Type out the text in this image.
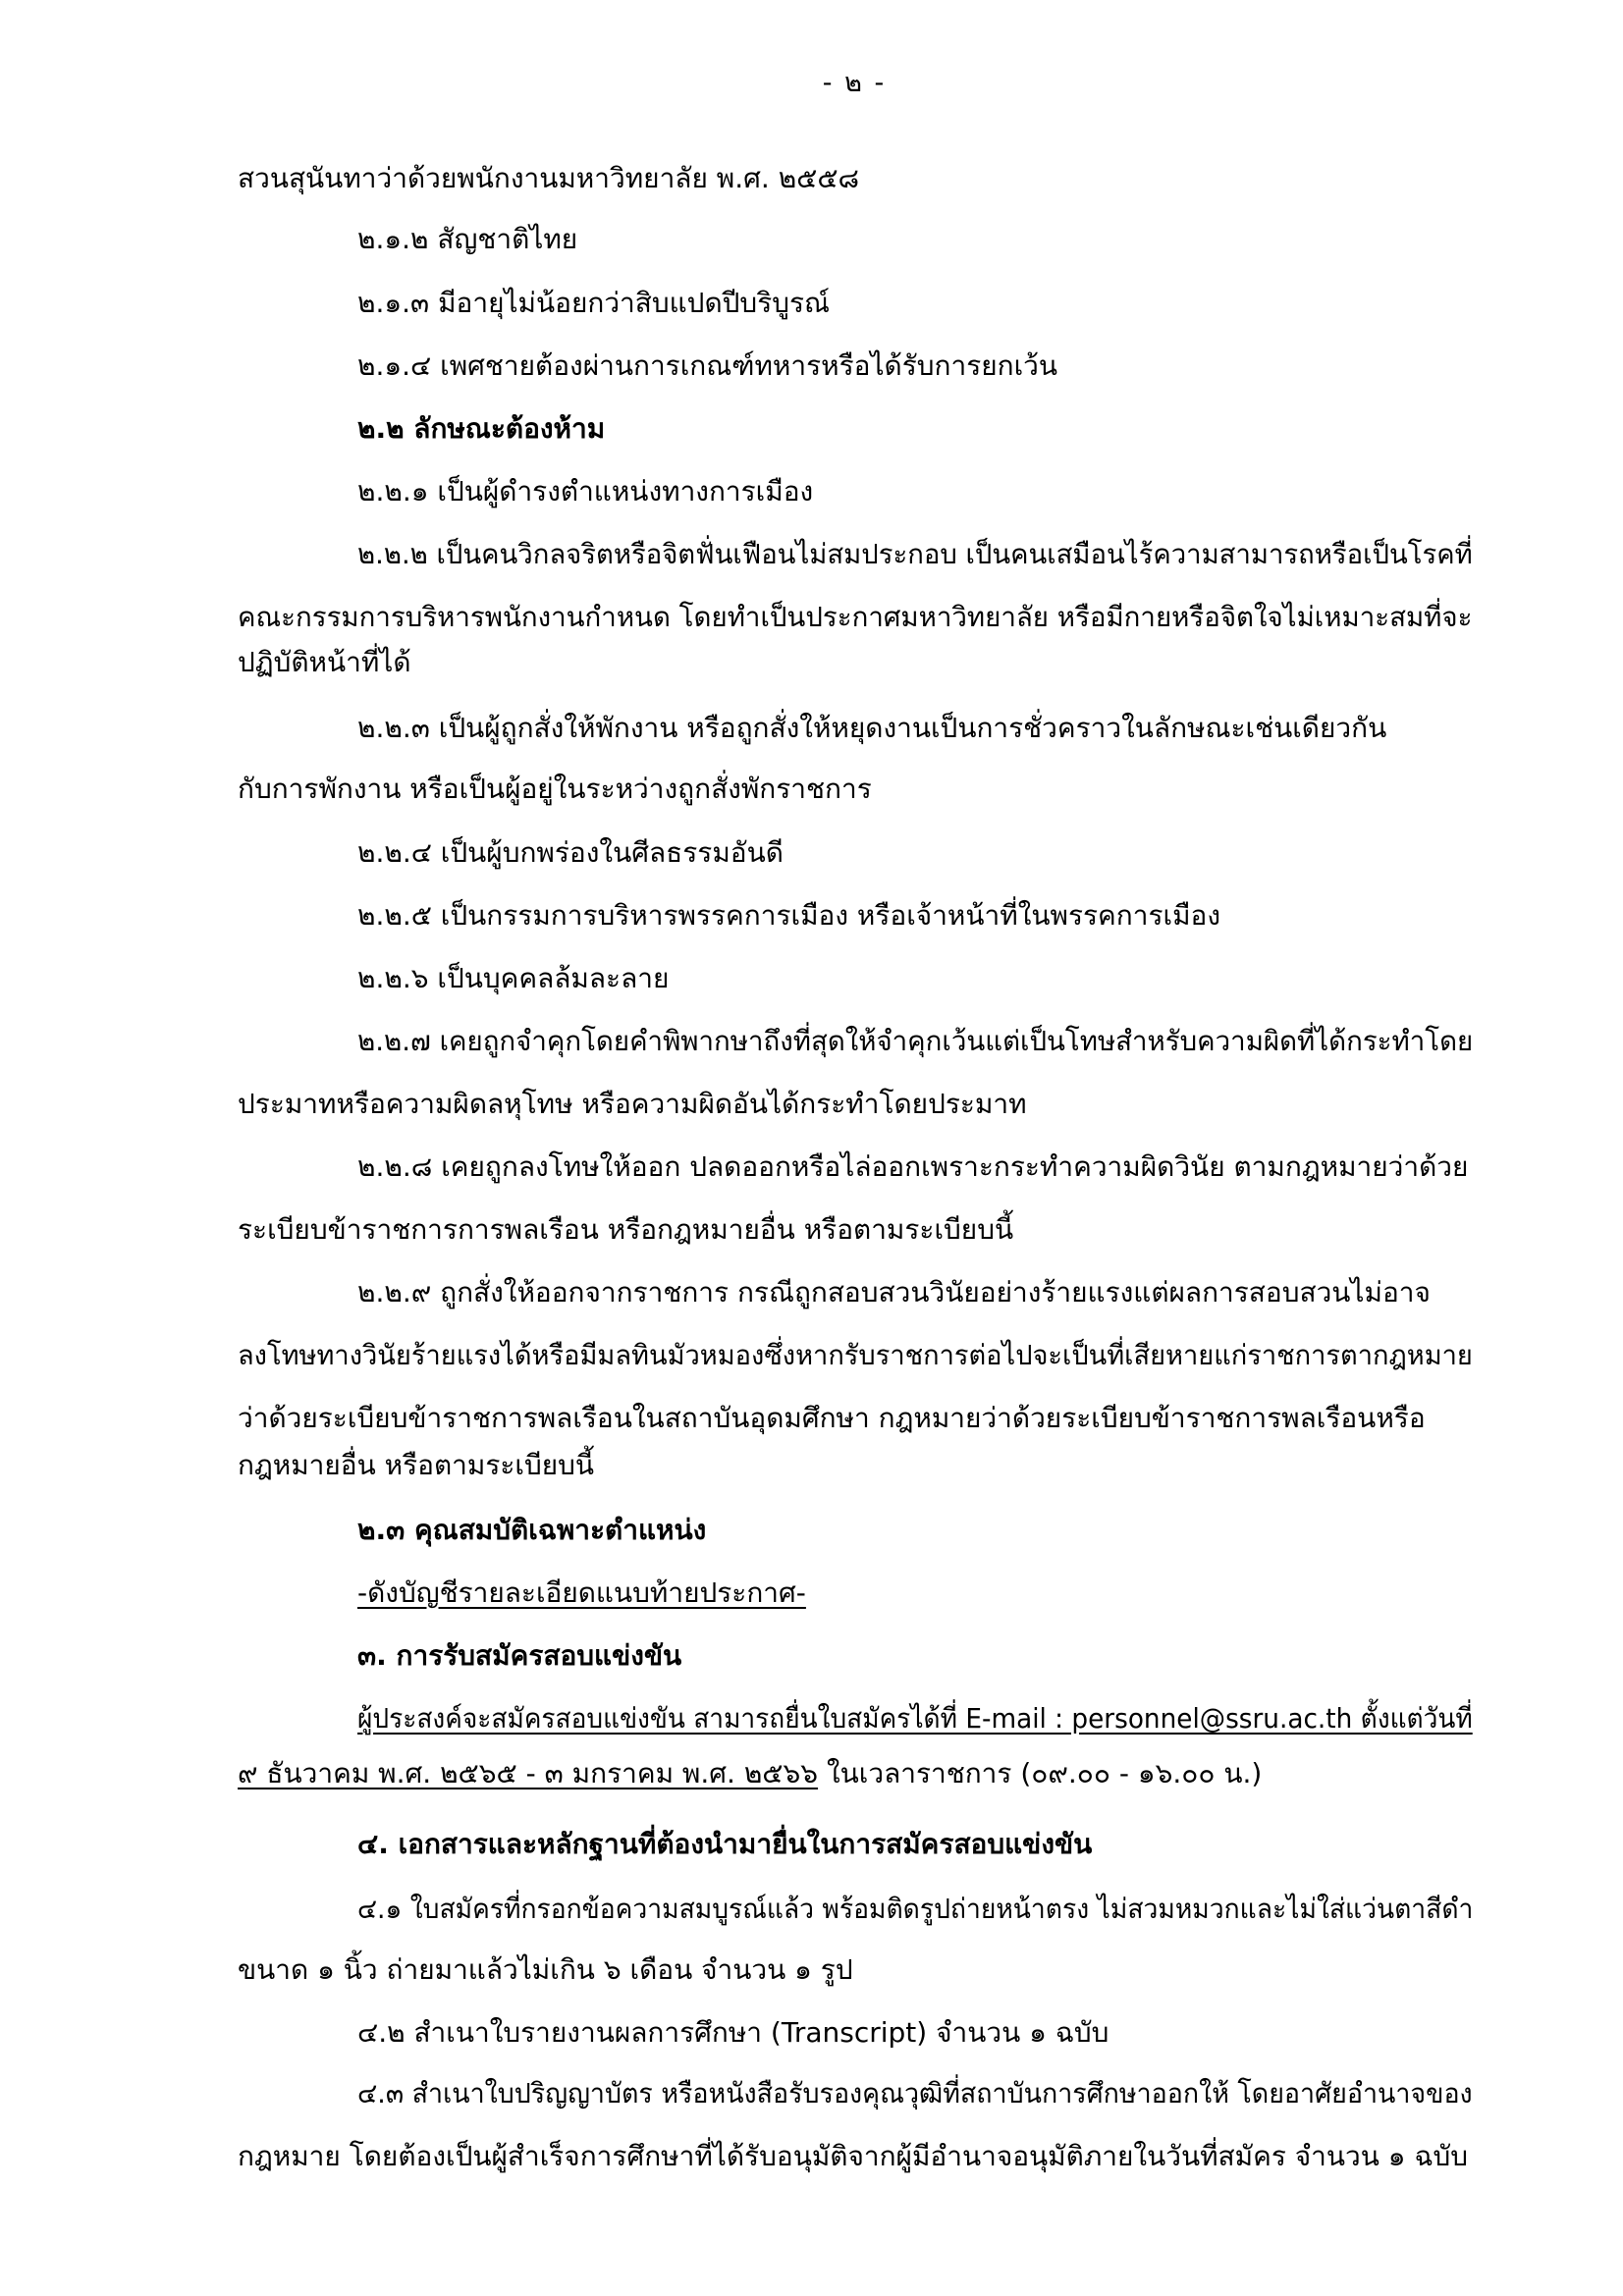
- ๒ -
สวนสุนันทาว่าด้วยพนักงานมหาวิทยาลัย พ.ศ. ๒๕๕๘
๒.๑.๒ สัญชาติไทย
๒.๑.๓ มีอายุไม่น้อยกว่าสิบแปดปีบริบูรณ์
๒.๑.๔ เพศชายต้องผ่านการเกณฑ์ทหารหรือได้รับการยกเว้น
๒.๒ ลักษณะต้องห้าม
๒.๒.๑ เป็นผู้ดำรงตำแหน่งทางการเมือง
๒.๒.๒ เป็นคนวิกลจริตหรือจิตฟั่นเฟือนไม่สมประกอบ เป็นคนเสมือนไร้ความสามารถหรือเป็นโรคที่
คณะกรรมการบริหารพนักงานกำหนด โดยทำเป็นประกาศมหาวิทยาลัย หรือมีกายหรือจิตใจไม่เหมาะสมที่จะ
ปฏิบัติหน้าที่ได้
๒.๒.๓ เป็นผู้ถูกสั่งให้พักงาน หรือถูกสั่งให้หยุดงานเป็นการชั่วคราวในลักษณะเช่นเดียวกัน
กับการพักงาน หรือเป็นผู้อยู่ในระหว่างถูกสั่งพักราชการ
๒.๒.๔ เป็นผู้บกพร่องในศีลธรรมอันดี
๒.๒.๕ เป็นกรรมการบริหารพรรคการเมือง หรือเจ้าหน้าที่ในพรรคการเมือง
๒.๒.๖ เป็นบุคคลล้มละลาย
๒.๒.๗ เคยถูกจำคุกโดยคำพิพากษาถึงที่สุดให้จำคุกเว้นแต่เป็นโทษสำหรับความผิดที่ได้กระทำโดย
ประมาทหรือความผิดลหุโทษ หรือความผิดอันได้กระทำโดยประมาท
๒.๒.๘ เคยถูกลงโทษให้ออก ปลดออกหรือไล่ออกเพราะกระทำความผิดวินัย ตามกฎหมายว่าด้วย
ระเบียบข้าราชการการพลเรือน หรือกฎหมายอื่น หรือตามระเบียบนี้
๒.๒.๙ ถูกสั่งให้ออกจากราชการ กรณีถูกสอบสวนวินัยอย่างร้ายแรงแต่ผลการสอบสวนไม่อาจ
ลงโทษทางวินัยร้ายแรงได้หรือมีมลทินมัวหมองซึ่งหากรับราชการต่อไปจะเป็นที่เสียหายแก่ราชการตากฎหมาย
ว่าด้วยระเบียบข้าราชการพลเรือนในสถาบันอุดมศึกษา กฎหมายว่าด้วยระเบียบข้าราชการพลเรือนหรือ
กฎหมายอื่น หรือตามระเบียบนี้
๒.๓ คุณสมบัติเฉพาะตำแหน่ง
-ดังบัญชีรายละเอียดแนบท้ายประกาศ-
๓. การรับสมัครสอบแข่งขัน
ผู้ประสงค์จะสมัครสอบแข่งขัน สามารถยื่นใบสมัครได้ที่ E-mail : personnel@ssru.ac.th ตั้งแต่วันที่
๙ ธันวาคม พ.ศ. ๒๕๖๕ - ๓ มกราคม พ.ศ. ๒๕๖๖ ในเวลาราชการ (๐๙.๐๐ - ๑๖.๐๐ น.)
๔. เอกสารและหลักฐานที่ต้องนำมายื่นในการสมัครสอบแข่งขัน
๔.๑ ใบสมัครที่กรอกข้อความสมบูรณ์แล้ว พร้อมติดรูปถ่ายหน้าตรง ไม่สวมหมวกและไม่ใส่แว่นตาสีดำ
ขนาด ๑ นิ้ว ถ่ายมาแล้วไม่เกิน ๖ เดือน จำนวน ๑ รูป
๔.๒ สำเนาใบรายงานผลการศึกษา (Transcript) จำนวน ๑ ฉบับ
๔.๓ สำเนาใบปริญญาบัตร หรือหนังสือรับรองคุณวุฒิที่สถาบันการศึกษาออกให้ โดยอาศัยอำนาจของ
กฎหมาย โดยต้องเป็นผู้สำเร็จการศึกษาที่ได้รับอนุมัติจากผู้มีอำนาจอนุมัติภายในวันที่สมัคร จำนวน ๑ ฉบับ
